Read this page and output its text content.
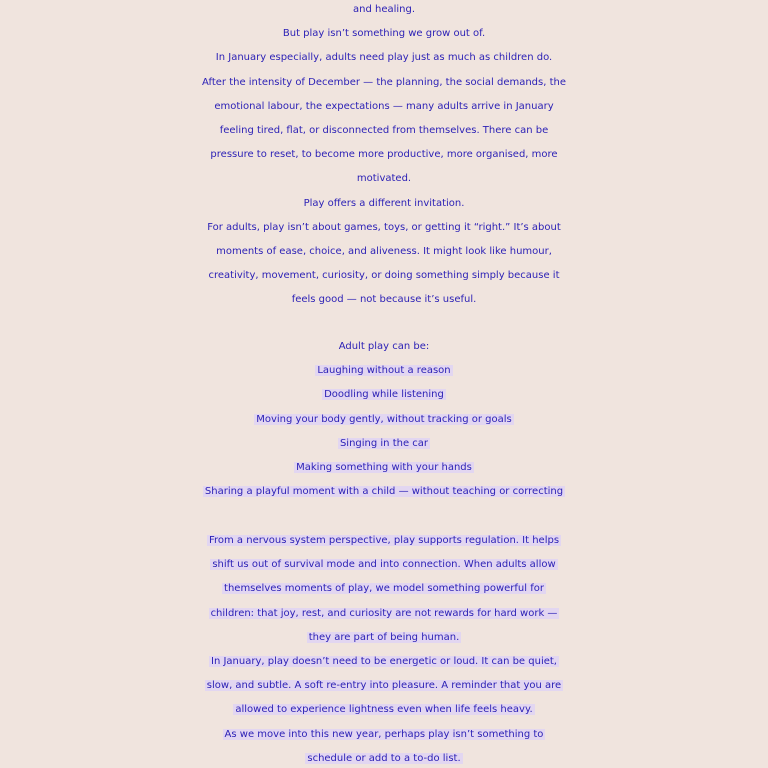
and healing.
But play isn’t something we grow out of.
In January especially, adults need play just as much as children do.
After the intensity of December — the planning, the social demands, the
emotional labour, the expectations — many adults arrive in January
feeling tired, flat, or disconnected from themselves. There can be
pressure to reset, to become more productive, more organised, more
motivated.
Play offers a different invitation.
For adults, play isn’t about games, toys, or getting it “right.” It’s about
moments of ease, choice, and aliveness. It might look like humour,
creativity, movement, curiosity, or doing something simply because it
feels good — not because it’s useful.
Adult play can be:
Laughing without a reason
Doodling while listening
Moving your body gently, without tracking or goals
Singing in the car
Making something with your hands
Sharing a playful moment with a child — without teaching or correcting
From a nervous system perspective, play supports regulation. It helps
shift us out of survival mode and into connection. When adults allow
themselves moments of play, we model something powerful for
children: that joy, rest, and curiosity are not rewards for hard work —
they are part of being human.
In January, play doesn’t need to be energetic or loud. It can be quiet,
slow, and subtle. A soft re-entry into pleasure. A reminder that you are
allowed to experience lightness even when life feels heavy.
As we move into this new year, perhaps play isn’t something to
schedule or add to a to-do list.
